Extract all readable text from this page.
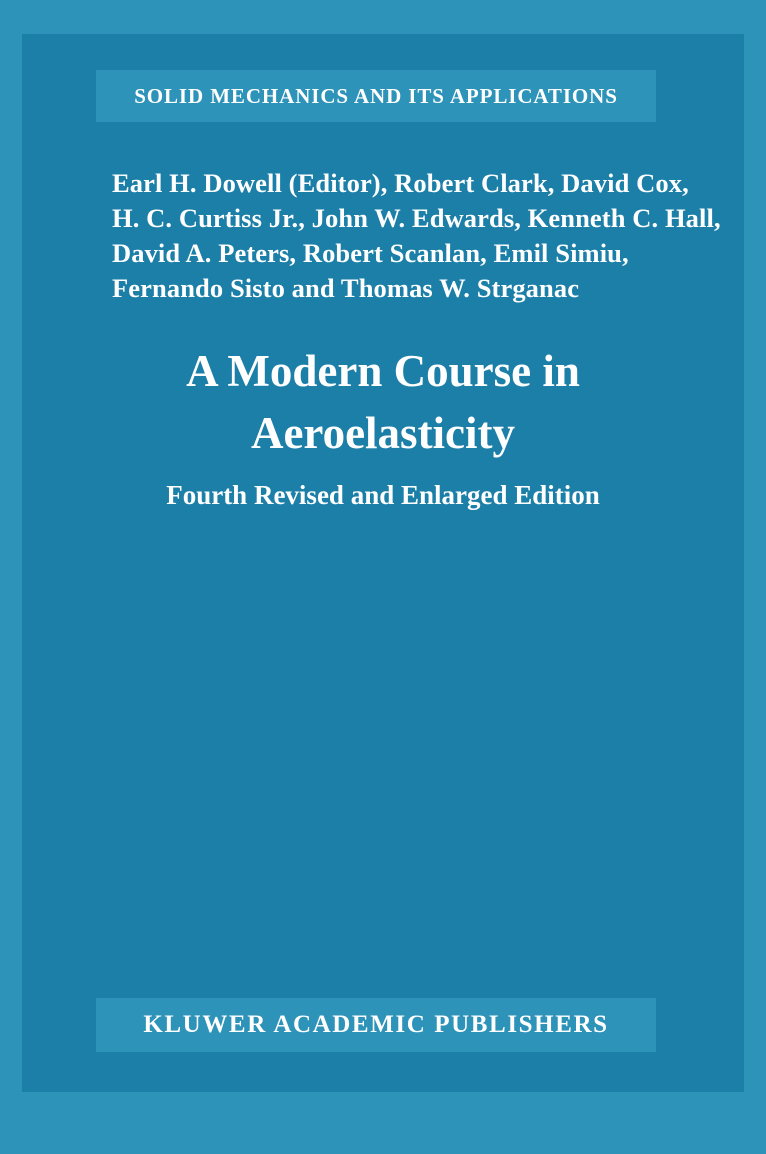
SOLID MECHANICS AND ITS APPLICATIONS
Earl H. Dowell (Editor), Robert Clark, David Cox,
H. C. Curtiss Jr., John W. Edwards, Kenneth C. Hall,
David A. Peters, Robert Scanlan, Emil Simiu,
Fernando Sisto and Thomas W. Strganac
A Modern Course in
Aeroelasticity
Fourth Revised and Enlarged Edition
KLUWER ACADEMIC PUBLISHERS
